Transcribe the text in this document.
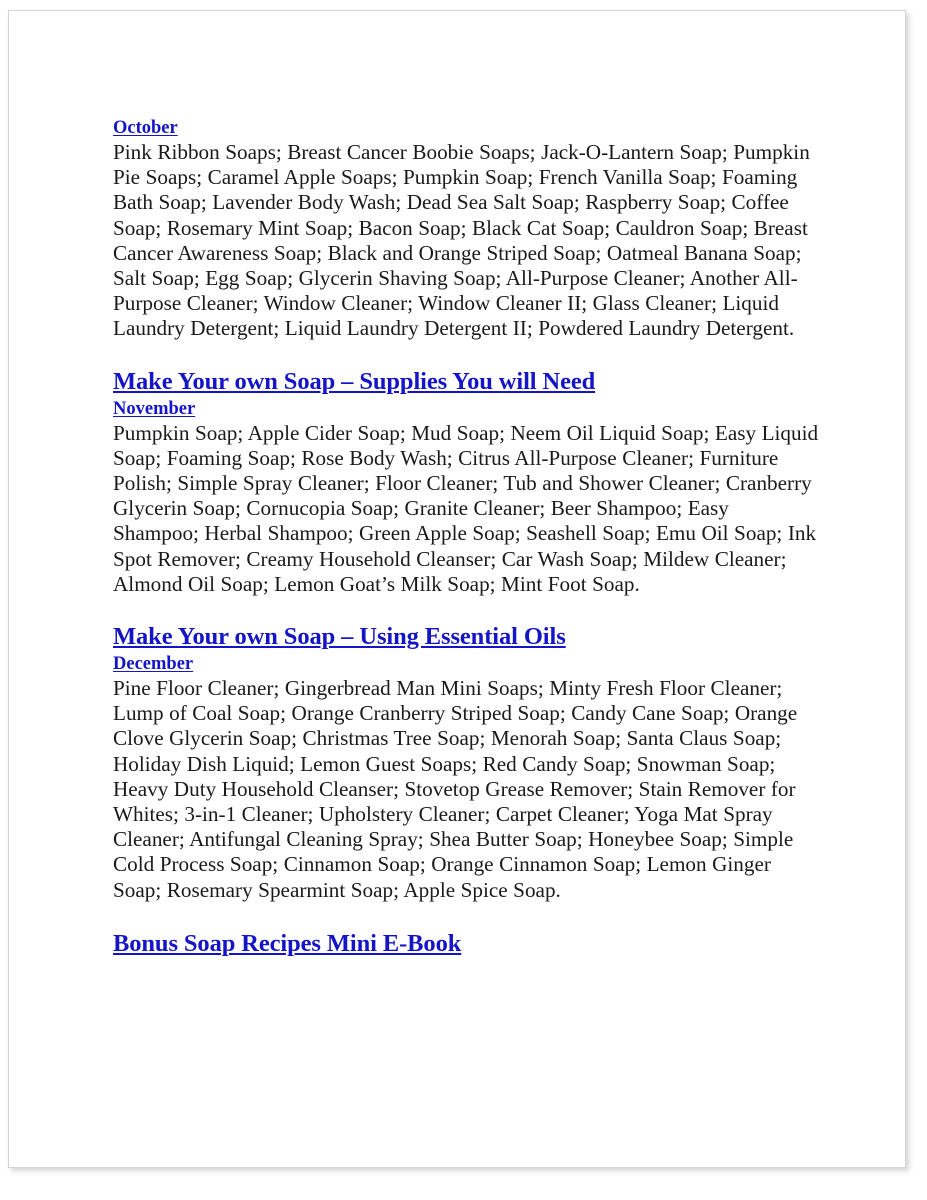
October

Pink Ribbon Soaps; Breast Cancer Boobie Soaps; Jack-O-Lantern Soap; Pumpkin Pie Soaps; Caramel Apple Soaps; Pumpkin Soap; French Vanilla Soap; Foaming Bath Soap; Lavender Body Wash; Dead Sea Salt Soap; Raspberry Soap; Coffee Soap; Rosemary Mint Soap; Bacon Soap; Black Cat Soap; Cauldron Soap; Breast Cancer Awareness Soap; Black and Orange Striped Soap; Oatmeal Banana Soap; Salt Soap; Egg Soap; Glycerin Shaving Soap; All-Purpose Cleaner; Another All-Purpose Cleaner; Window Cleaner; Window Cleaner II; Glass Cleaner; Liquid Laundry Detergent; Liquid Laundry Detergent II; Powdered Laundry Detergent.

Make Your own Soap – Supplies You will Need
November

Pumpkin Soap; Apple Cider Soap; Mud Soap; Neem Oil Liquid Soap; Easy Liquid Soap; Foaming Soap; Rose Body Wash; Citrus All-Purpose Cleaner; Furniture Polish; Simple Spray Cleaner; Floor Cleaner; Tub and Shower Cleaner; Cranberry Glycerin Soap; Cornucopia Soap; Granite Cleaner; Beer Shampoo; Easy Shampoo; Herbal Shampoo; Green Apple Soap; Seashell Soap; Emu Oil Soap; Ink Spot Remover; Creamy Household Cleanser; Car Wash Soap; Mildew Cleaner; Almond Oil Soap; Lemon Goat’s Milk Soap; Mint Foot Soap.

Make Your own Soap – Using Essential Oils
December

Pine Floor Cleaner; Gingerbread Man Mini Soaps; Minty Fresh Floor Cleaner; Lump of Coal Soap; Orange Cranberry Striped Soap; Candy Cane Soap; Orange Clove Glycerin Soap; Christmas Tree Soap; Menorah Soap; Santa Claus Soap; Holiday Dish Liquid; Lemon Guest Soaps; Red Candy Soap; Snowman Soap; Heavy Duty Household Cleanser; Stovetop Grease Remover; Stain Remover for Whites; 3-in-1 Cleaner; Upholstery Cleaner; Carpet Cleaner; Yoga Mat Spray Cleaner; Antifungal Cleaning Spray; Shea Butter Soap; Honeybee Soap; Simple Cold Process Soap; Cinnamon Soap; Orange Cinnamon Soap; Lemon Ginger Soap; Rosemary Spearmint Soap; Apple Spice Soap.

Bonus Soap Recipes Mini E-Book
